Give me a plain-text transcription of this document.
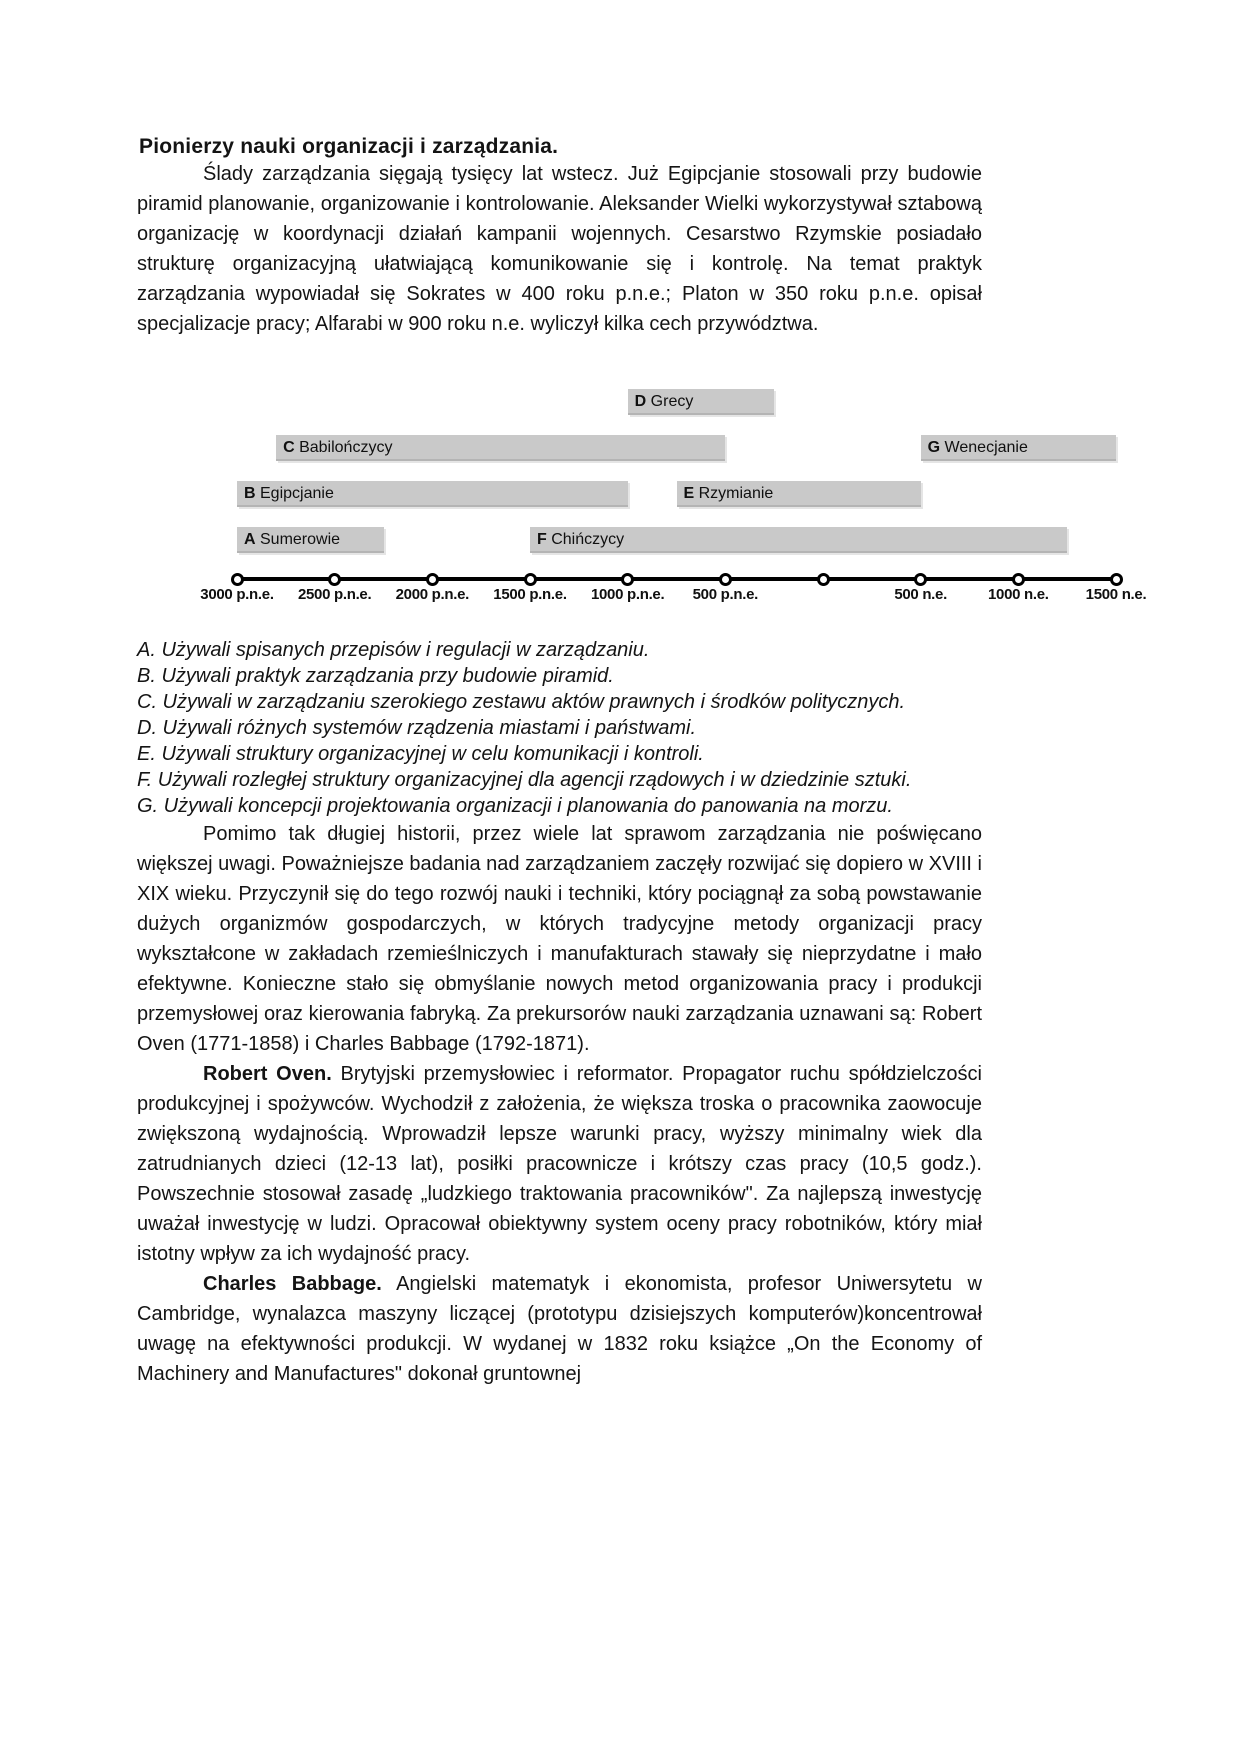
Pionierzy nauki organizacji i zarządzania.

Ślady zarządzania sięgają tysięcy lat wstecz. Już Egipcjanie stosowali przy budowie piramid planowanie, organizowanie i kontrolowanie. Aleksander Wielki wykorzystywał sztabową organizację w koordynacji działań kampanii wojennych. Cesarstwo Rzymskie posiadało strukturę organizacyjną ułatwiającą komunikowanie się i kontrolę. Na temat praktyk zarządzania wypowiadał się Sokrates w 400 roku p.n.e.; Platon w 350 roku p.n.e. opisał specjalizacje pracy; Alfarabi w 900 roku n.e. wyliczył kilka cech przywództwa.

D Grecy
C Babilończycy	G Wenecjanie
B Egipcjanie	E Rzymianie
A Sumerowie	F Chińczycy
3000 p.n.e.	2500 p.n.e.	2000 p.n.e.	1500 p.n.e.	1000 p.n.e.	500 p.n.e.	500 n.e.	1000 n.e.	1500 n.e.

A. Używali spisanych przepisów i regulacji w zarządzaniu.

B. Używali praktyk zarządzania przy budowie piramid.

C. Używali w zarządzaniu szerokiego zestawu aktów prawnych i środków politycznych.

D. Używali różnych systemów rządzenia miastami i państwami.

E. Używali struktury organizacyjnej w celu komunikacji i kontroli.

F. Używali rozległej struktury organizacyjnej dla agencji rządowych i w dziedzinie sztuki.

G. Używali koncepcji projektowania organizacji i planowania do panowania na morzu.

Pomimo tak długiej historii, przez wiele lat sprawom zarządzania nie poświęcano większej uwagi. Poważniejsze badania nad zarządzaniem zaczęły rozwijać się dopiero w XVIII i XIX wieku. Przyczynił się do tego rozwój nauki i techniki, który pociągnął za sobą powstawanie dużych organizmów gospodarczych, w których tradycyjne metody organizacji pracy wykształcone w zakładach rzemieślniczych i manufakturach stawały się nieprzydatne i mało efektywne. Konieczne stało się obmyślanie nowych metod organizowania pracy i produkcji przemysłowej oraz kierowania fabryką. Za prekursorów nauki zarządzania uznawani są: Robert Oven (1771-1858) i Charles Babbage (1792-1871).

Robert Oven. Brytyjski przemysłowiec i reformator. Propagator ruchu spółdzielczości produkcyjnej i spożywców. Wychodził z założenia, że większa troska o pracownika zaowocuje zwiększoną wydajnością. Wprowadził lepsze warunki pracy, wyższy minimalny wiek dla zatrudnianych dzieci (12-13 lat), posiłki pracownicze i krótszy czas pracy (10,5 godz.). Powszechnie stosował zasadę „ludzkiego traktowania pracowników". Za najlepszą inwestycję uważał inwestycję w ludzi. Opracował obiektywny system oceny pracy robotników, który miał istotny wpływ za ich wydajność pracy.

Charles Babbage. Angielski matematyk i ekonomista, profesor Uniwersytetu w Cambridge, wynalazca maszyny liczącej (prototypu dzisiejszych komputerów)koncentrował uwagę na efektywności produkcji. W wydanej w 1832 roku książce „On the Economy of Machinery and Manufactures" dokonał gruntownej
